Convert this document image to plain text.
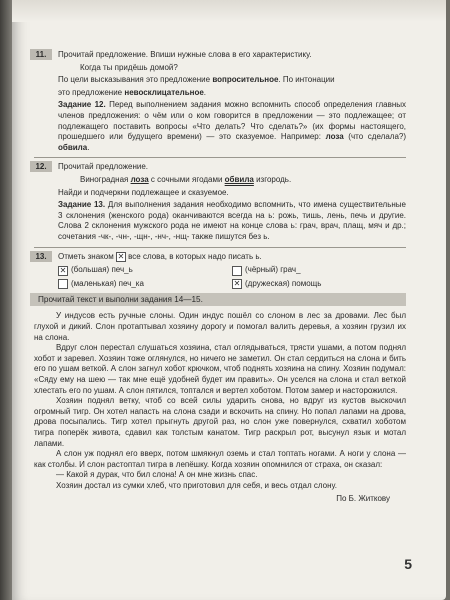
11.	Прочитай предложение. Впиши нужные слова в его характеристику.

Когда ты придёшь домой?

По цели высказывания это предложение вопросительное. По интонации

это предложение невосклицательное.

Задание 12. Перед выполнением задания можно вспомнить способ определения главных членов предложения: о чём или о ком говорится в предложении — это подлежащее; от подлежащего поставить вопросы «Что делать? Что сделать?» (их формы настоящего, прошедшего или будущего времени) — это сказуемое. Например: лоза (что сделала?) обвила.

12.	Прочитай предложение.

Виноградная лоза с сочными ягодами обвила изгородь.

Найди и подчеркни подлежащее и сказуемое.

Задание 13. Для выполнения задания необходимо вспомнить, что имена существительные 3 склонения (женского рода) оканчиваются всегда на ь: рожь, тишь, лень, печь и другие. Слова 2 склонения мужского рода не имеют на конце слова ь: грач, врач, плащ, мяч и др.; сочетания -чк-, -чн-, -щн-, -нч-, -нщ- также пишутся без ь.

13.	Отметь знаком ✕ все слова, в которых надо писать ь.

✕ (большая) печ_ь	(чёрный) грач_
(маленькая) печ_ка	✕ (дружеская) помощь
Прочитай текст и выполни задания 14—15.

У индусов есть ручные слоны. Один индус пошёл со слоном в лес за дровами. Лес был глухой и дикий. Слон протаптывал хозяину дорогу и помогал валить деревья, а хозяин грузил их на слона.

Вдруг слон перестал слушаться хозяина, стал оглядываться, трясти ушами, а потом поднял хобот и заревел. Хозяин тоже оглянулся, но ничего не заметил. Он стал сердиться на слона и бить его по ушам веткой. А слон загнул хобот крючком, чтоб поднять хозяина на спину. Хозяин подумал: «Сяду ему на шею — так мне ещё удобней будет им править». Он уселся на слона и стал веткой хлестать его по ушам. А слон пятился, топтался и вертел хоботом. Потом замер и насторожился.

Хозяин поднял ветку, чтоб со всей силы ударить снова, но вдруг из кустов выскочил огромный тигр. Он хотел напасть на слона сзади и вскочить на спину. Но попал лапами на дрова, дрова посыпались. Тигр хотел прыгнуть другой раз, но слон уже повернулся, схватил хоботом тигра поперёк живота, сдавил как толстым канатом. Тигр раскрыл рот, высунул язык и мотал лапами.

А слон уж поднял его вверх, потом шмякнул оземь и стал топтать ногами. А ноги у слона — как столбы. И слон растоптал тигра в лепёшку. Когда хозяин опомнился от страха, он сказал:

— Какой я дурак, что бил слона! А он мне жизнь спас.

Хозяин достал из сумки хлеб, что приготовил для себя, и весь отдал слону.

По Б. Житкову
5
